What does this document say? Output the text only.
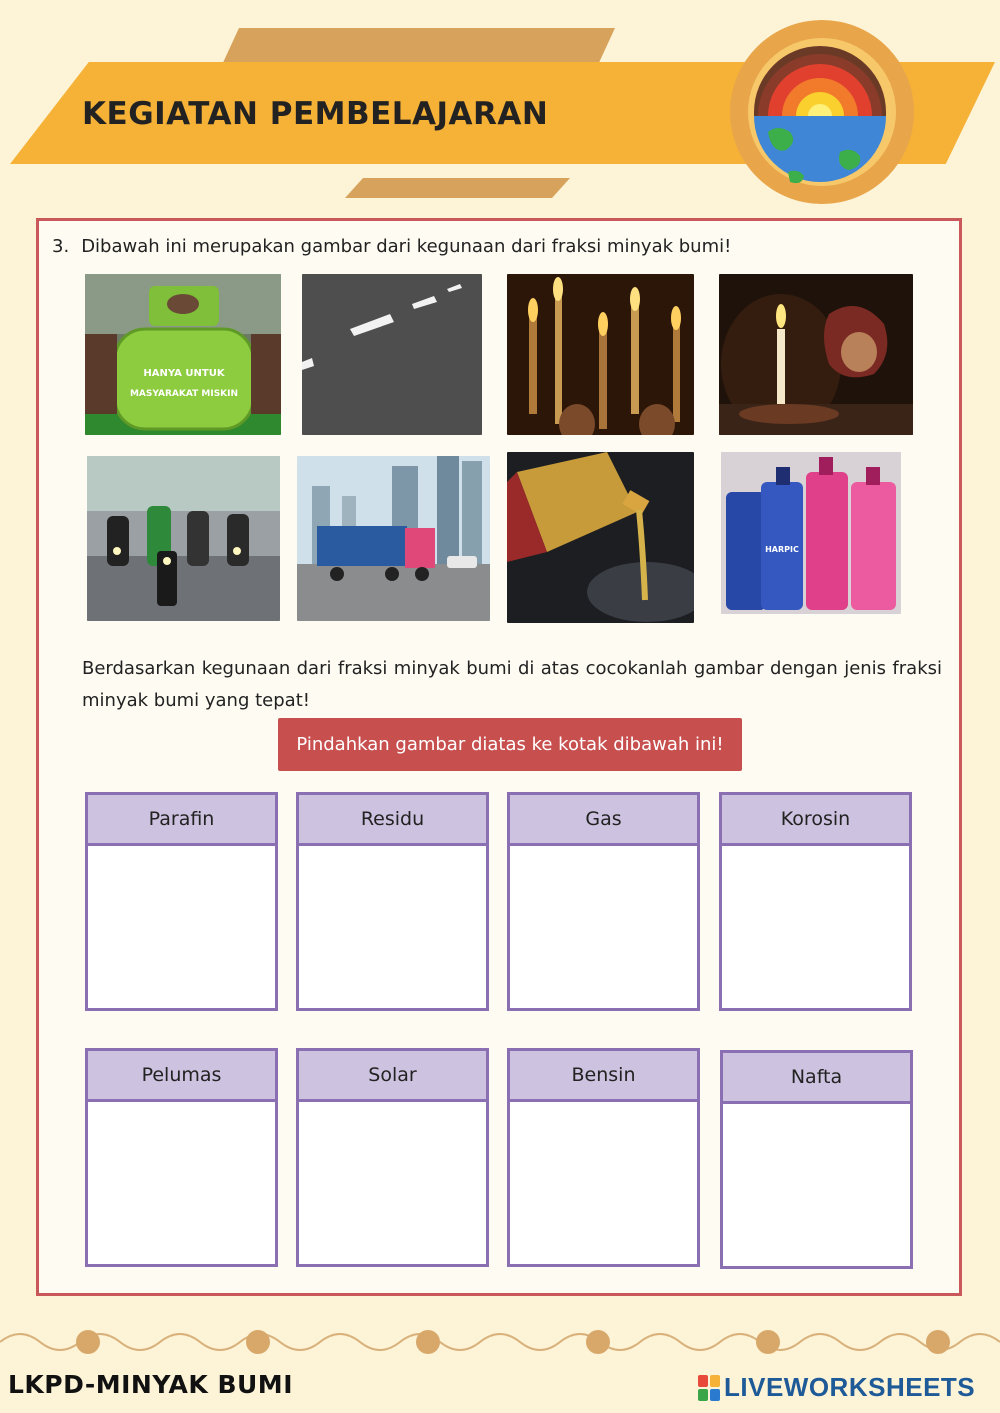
KEGIATAN PEMBELAJARAN
3. Dibawah ini merupakan gambar dari kegunaan dari fraksi minyak bumi!
HANYA UNTUK
MASYARAKAT MISKIN
HARPIC
Berdasarkan kegunaan dari fraksi minyak bumi di atas cocokanlah gambar dengan jenis fraksi minyak bumi yang tepat!
Pindahkan gambar diatas ke kotak dibawah ini!
Parafin	Residu	Gas	Korosin
Pelumas	Solar	Bensin	Nafta
LKPD-MINYAK BUMI	LIVEWORKSHEETS
